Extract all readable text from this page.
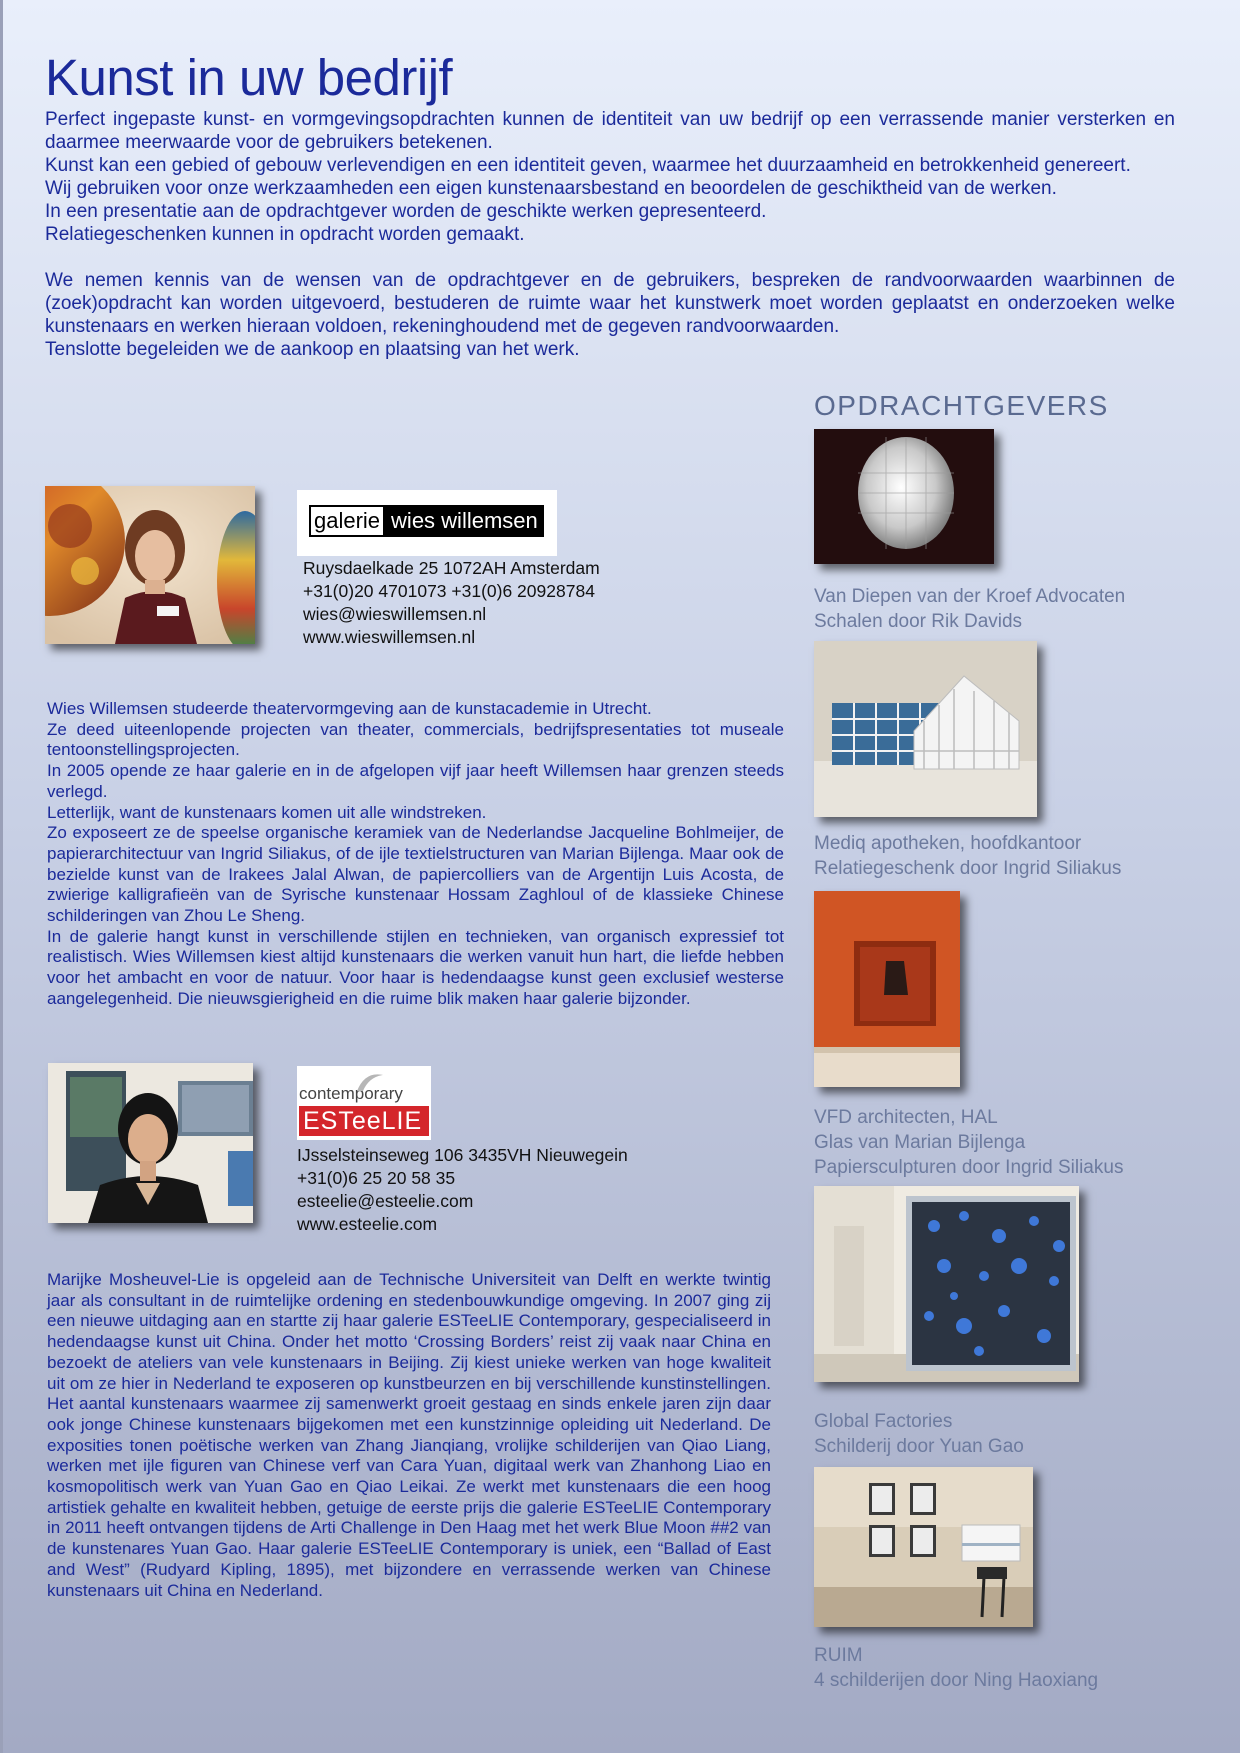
Kunst in uw bedrijf

Perfect ingepaste kunst- en vormgevingsopdrachten kunnen de identiteit van uw bedrijf op een verrassende manier versterken en daarmee meerwaarde voor de gebruikers betekenen.

Kunst kan een gebied of gebouw verlevendigen en een identiteit geven, waarmee het duurzaamheid en betrokkenheid genereert.

Wij gebruiken voor onze werkzaamheden een eigen kunstenaarsbestand en beoordelen de geschiktheid van de werken.

In een presentatie aan de opdrachtgever worden de geschikte werken gepresenteerd.

Relatiegeschenken kunnen in opdracht worden gemaakt.

We nemen kennis van de wensen van de opdrachtgever en de gebruikers, bespreken de randvoorwaarden waarbinnen de (zoek)opdracht kan worden uitgevoerd, bestuderen de ruimte waar het kunstwerk moet worden geplaatst en onderzoeken welke kunstenaars en werken hieraan voldoen, rekeninghoudend met de gegeven randvoorwaarden.

Tenslotte begeleiden we de aankoop en plaatsing van het werk.

galerie wies willemsen
Ruysdaelkade 25 1072AH Amsterdam
+31(0)20 4701073 +31(0)6 20928784
wies@wieswillemsen.nl
www.wieswillemsen.nl

Wies Willemsen studeerde theatervormgeving aan de kunstacademie in Utrecht.

Ze deed uiteenlopende projecten van theater, commercials, bedrijfspresentaties tot museale tentoonstellingsprojecten.

In 2005 opende ze haar galerie en in de afgelopen vijf jaar heeft Willemsen haar grenzen steeds verlegd.

Letterlijk, want de kunstenaars komen uit alle windstreken.

Zo exposeert ze de speelse organische keramiek van de Nederlandse Jacqueline Bohlmeijer, de papierarchitectuur van Ingrid Siliakus, of de ijle textielstructuren van Marian Bijlenga. Maar ook de bezielde kunst van de Irakees Jalal Alwan, de papiercolliers van de Argentijn Luis Acosta, de zwierige kalligrafieën van de Syrische kunstenaar Hossam Zaghloul of de klassieke Chinese schilderingen van Zhou Le Sheng.

In de galerie hangt kunst in verschillende stijlen en technieken, van organisch expressief tot realistisch. Wies Willemsen kiest altijd kunstenaars die werken vanuit hun hart, die liefde hebben voor het ambacht en voor de natuur. Voor haar is hedendaagse kunst geen exclusief westerse aangelegenheid. Die nieuwsgierigheid en die ruime blik maken haar galerie bijzonder.

contemporary
ESTeeLIE
IJsselsteinseweg 106 3435VH Nieuwegein
+31(0)6 25 20 58 35
esteelie@esteelie.com
www.esteelie.com

Marijke Mosheuvel-Lie is opgeleid aan de Technische Universiteit van Delft en werkte twintig jaar als consultant in de ruimtelijke ordening en stedenbouwkundige omgeving. In 2007 ging zij een nieuwe uitdaging aan en startte zij haar galerie ESTeeLIE Contemporary, gespecialiseerd in hedendaagse kunst uit China. Onder het motto ‘Crossing Borders’ reist zij vaak naar China en bezoekt de ateliers van vele kunstenaars in Beijing. Zij kiest unieke werken van hoge kwaliteit uit om ze hier in Nederland te exposeren op kunstbeurzen en bij verschillende kunstinstellingen. Het aantal kunstenaars waarmee zij samenwerkt groeit gestaag en sinds enkele jaren zijn daar ook jonge Chinese kunstenaars bijgekomen met een kunstzinnige opleiding uit Nederland. De exposities tonen poëtische werken van Zhang Jianqiang, vrolijke schilderijen van Qiao Liang, werken met ijle figuren van Chinese verf van Cara Yuan, digitaal werk van Zhanhong Liao en kosmopolitisch werk van Yuan Gao en Qiao Leikai. Ze werkt met kunstenaars die een hoog artistiek gehalte en kwaliteit hebben, getuige de eerste prijs die galerie ESTeeLIE Contemporary in 2011 heeft ontvangen tijdens de Arti Challenge in Den Haag met het werk Blue Moon ##2 van de kunstenares Yuan Gao. Haar galerie ESTeeLIE Contemporary is uniek, een “Ballad of East and West” (Rudyard Kipling, 1895), met bijzondere en verrassende werken van Chinese kunstenaars uit China en Nederland.

OPDRACHTGEVERS
Van Diepen van der Kroef Advocaten
Schalen door Rik Davids
Mediq apotheken, hoofdkantoor
Relatiegeschenk door Ingrid Siliakus
VFD architecten, HAL
Glas van Marian Bijlenga
Papiersculpturen door Ingrid Siliakus
Global Factories
Schilderij door Yuan Gao
RUIM
4 schilderijen door Ning Haoxiang
